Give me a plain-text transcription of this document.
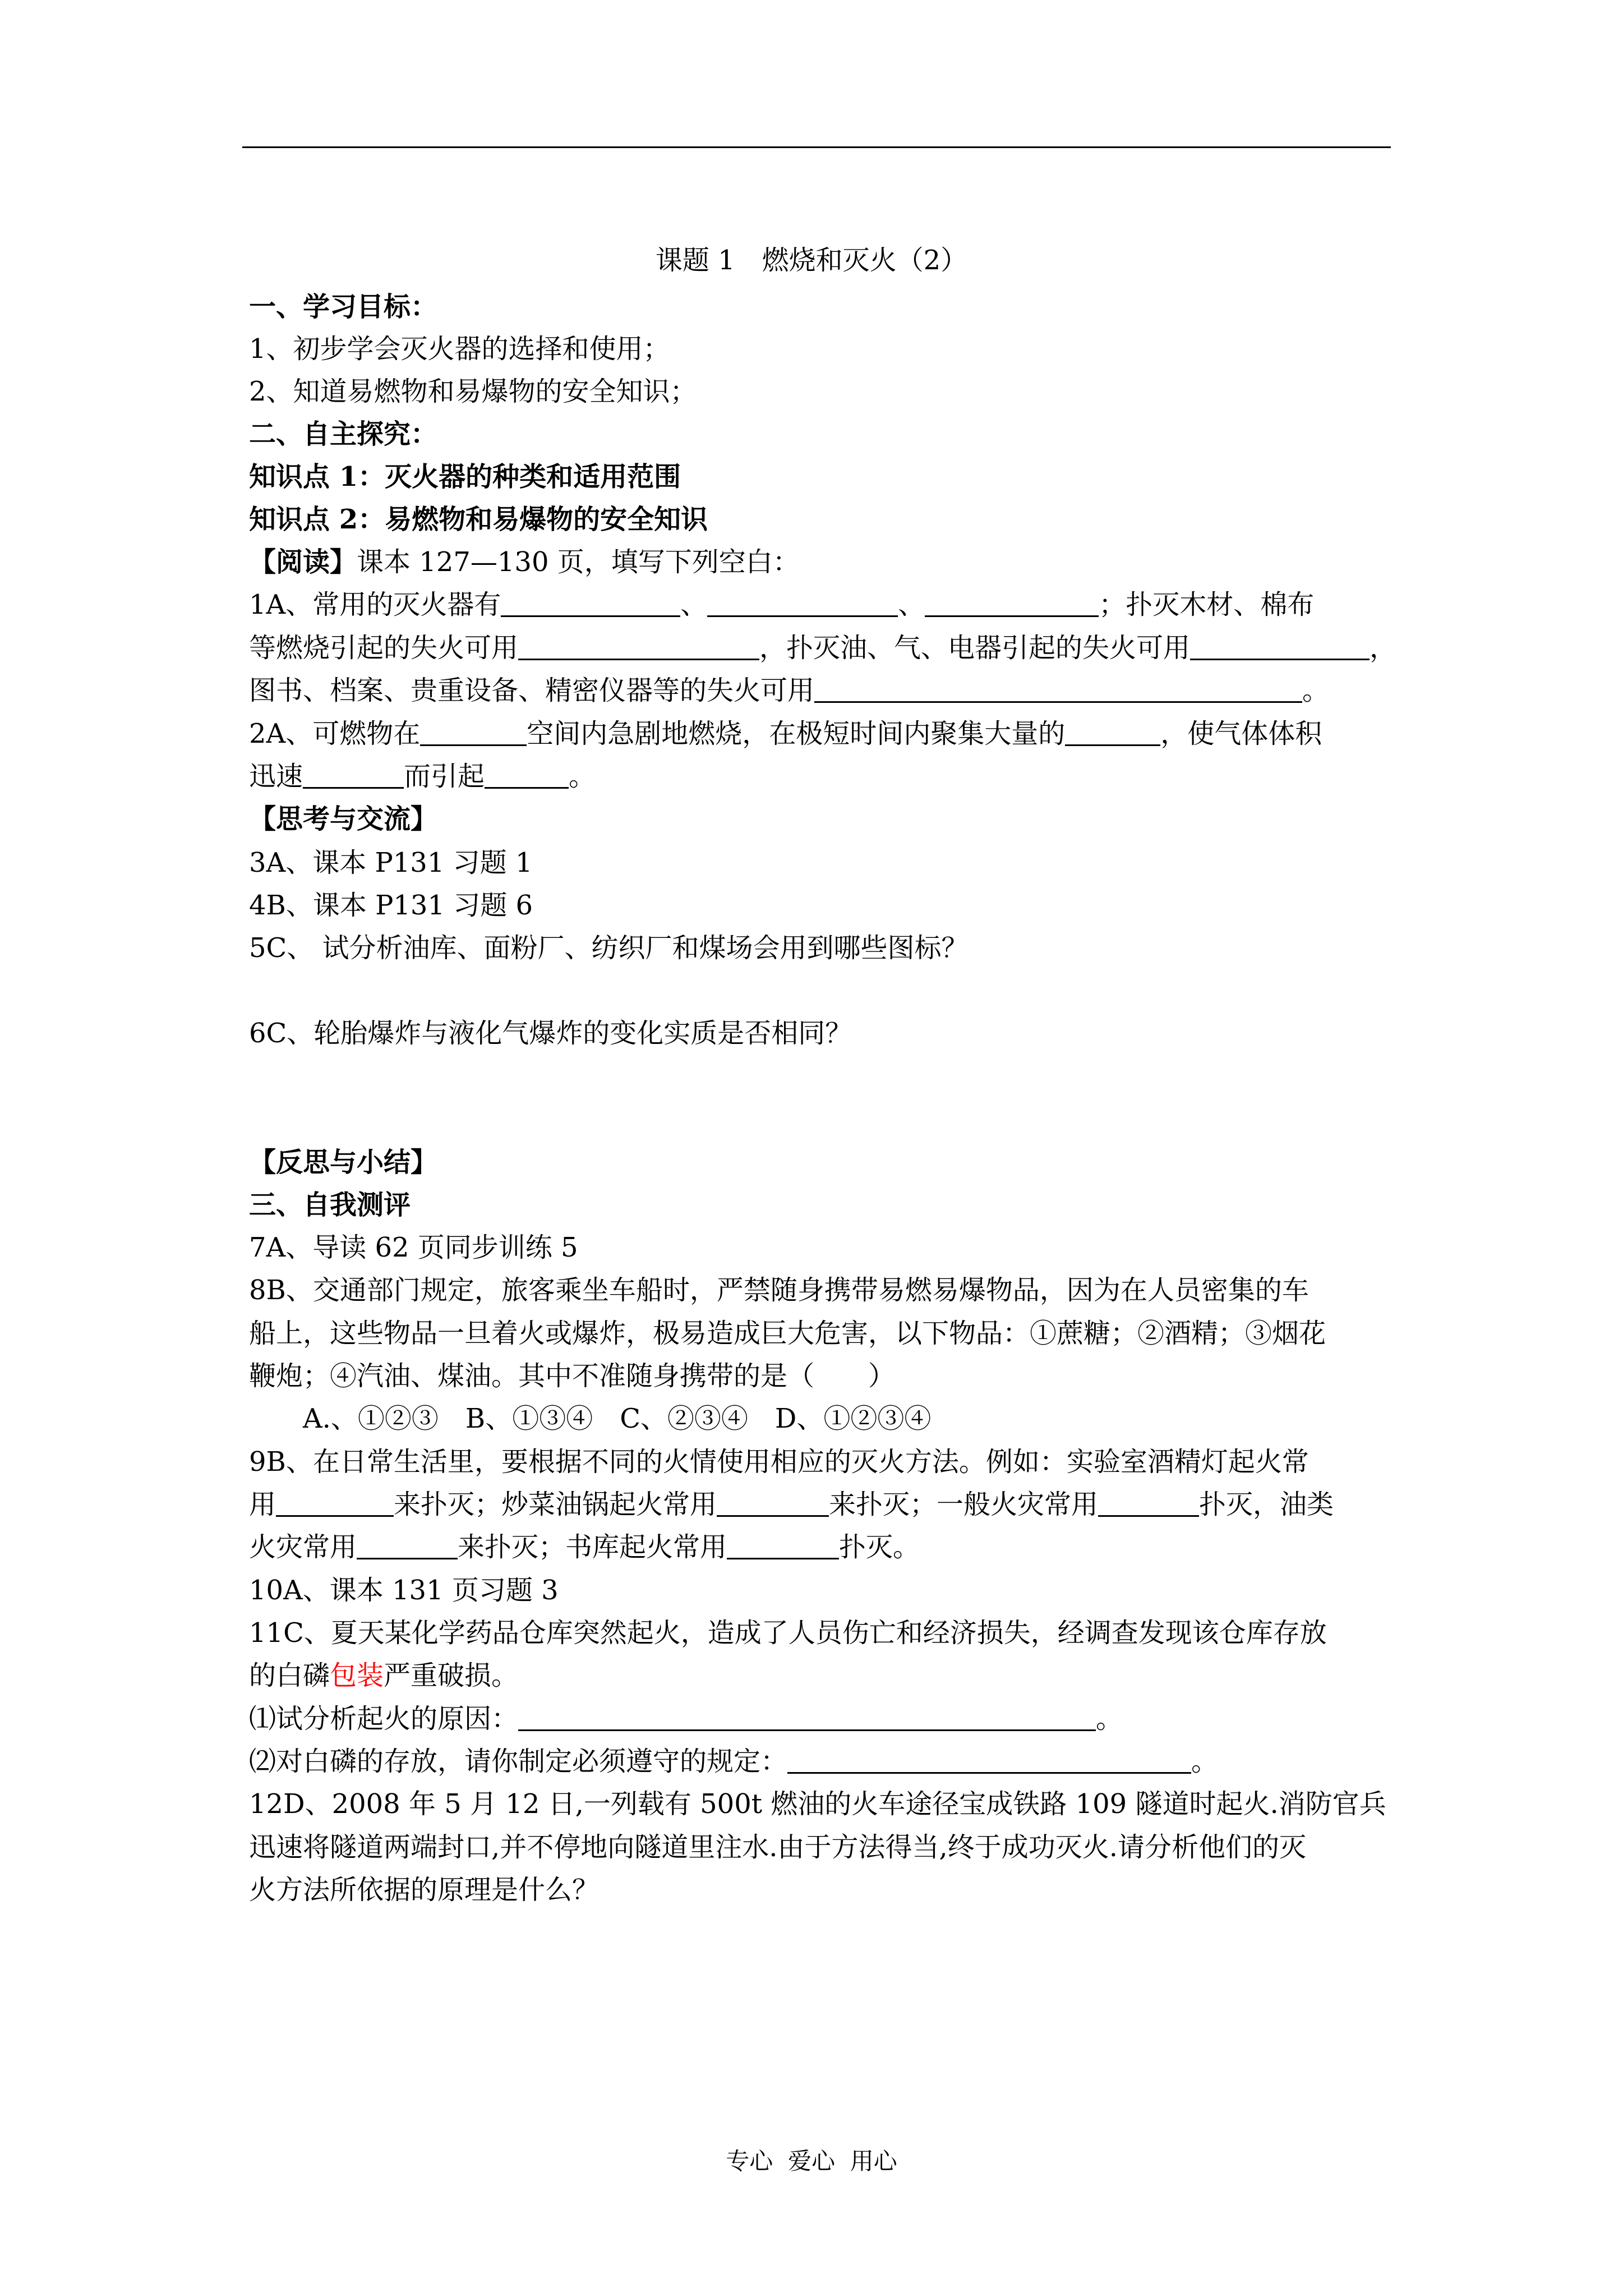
课题 1　燃烧和灭火（2）
一、学习目标：
1、初步学会灭火器的选择和使用；
2、知道易燃物和易爆物的安全知识；
二、自主探究：
知识点 1：灭火器的种类和适用范围
知识点 2：易燃物和易爆物的安全知识
【阅读】课本 127—130 页，填写下列空白：
1A、常用的灭火器有	、	、	；扑灭木材、棉布
等燃烧引起的失火可用	，扑灭油、气、电器引起的失火可用	，
图书、档案、贵重设备、精密仪器等的失火可用	。
2A、可燃物在	空间内急剧地燃烧，在极短时间内聚集大量的	，使气体体积
迅速	而引起	。
【思考与交流】
3A、课本 P131 习题 1
4B、课本 P131 习题 6
5C、 试分析油库、面粉厂、纺织厂和煤场会用到哪些图标？
6C、轮胎爆炸与液化气爆炸的变化实质是否相同？
【反思与小结】
三、自我测评
7A、导读 62 页同步训练 5
8B、交通部门规定，旅客乘坐车船时，严禁随身携带易燃易爆物品，因为在人员密集的车
船上，这些物品一旦着火或爆炸，极易造成巨大危害，以下物品：①蔗糖；②酒精；③烟花
鞭炮；④汽油、煤油。其中不准随身携带的是（　　）
A.、①②③　B、①③④　C、②③④　D、①②③④
9B、在日常生活里，要根据不同的火情使用相应的灭火方法。例如：实验室酒精灯起火常
用	来扑灭；炒菜油锅起火常用	来扑灭；一般火灾常用	扑灭，油类
火灾常用	来扑灭；书库起火常用	扑灭。
10A、课本 131 页习题 3
11C、夏天某化学药品仓库突然起火，造成了人员伤亡和经济损失，经调查发现该仓库存放
的白磷包装严重破损。
⑴试分析起火的原因：	。
⑵对白磷的存放，请你制定必须遵守的规定：	。
12D、2008 年 5 月 12 日,一列载有 500t 燃油的火车途径宝成铁路 109 隧道时起火.消防官兵
迅速将隧道两端封口,并不停地向隧道里注水.由于方法得当,终于成功灭火.请分析他们的灭
火方法所依据的原理是什么？
专心  爱心  用心
